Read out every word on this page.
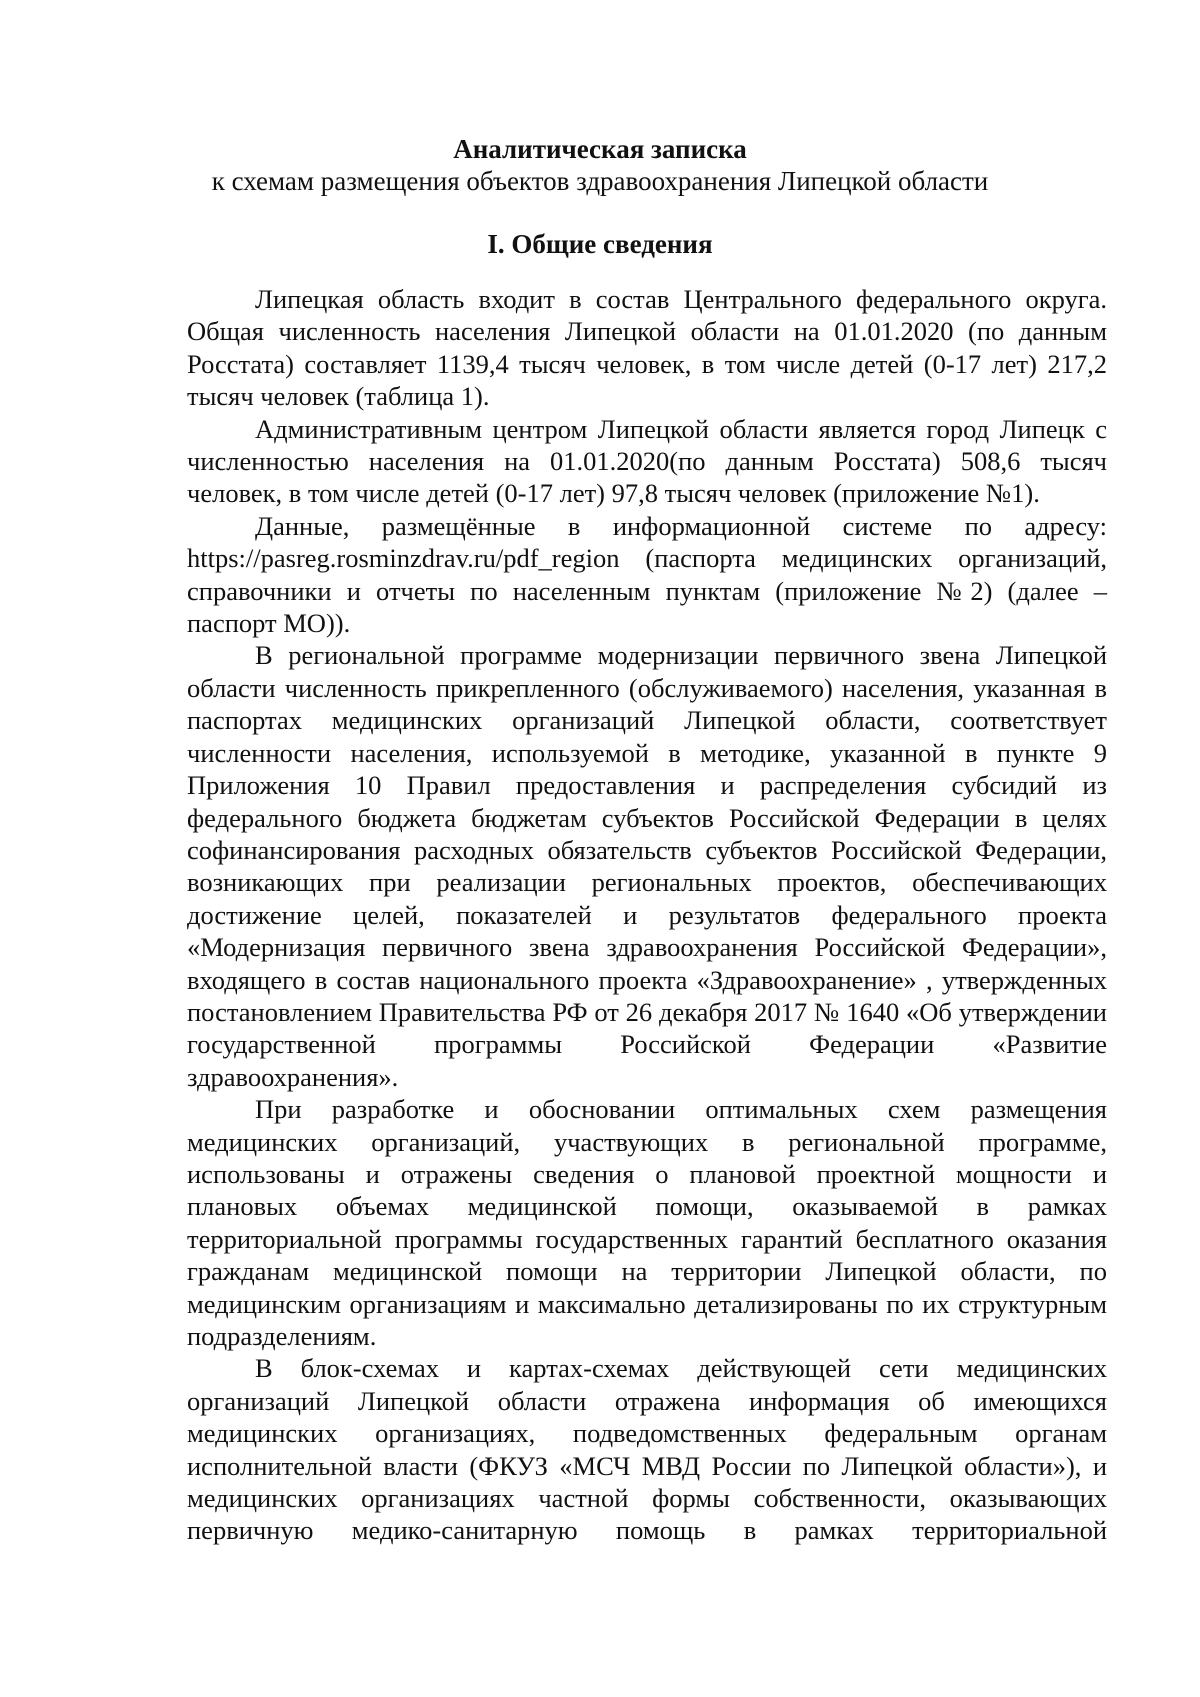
Аналитическая записка
к схемам размещения объектов здравоохранения Липецкой области
I. Общие сведения

Липецкая область входит в состав Центрального федерального округа. Общая численность населения Липецкой области на 01.01.2020 (по данным Росстата) составляет 1139,4 тысяч человек, в том числе детей (0-17 лет) 217,2 тысяч человек (таблица 1).

Административным центром Липецкой области является город Липецк с численностью населения на 01.01.2020(по данным Росстата) 508,6 тысяч человек, в том числе детей (0-17 лет) 97,8 тысяч человек (приложение №1).

Данные, размещённые в информационной системе по адресу: https://pasreg.rosminzdrav.ru/pdf_region (паспорта медицинских организаций, справочники и отчеты по населенным пунктам (приложение №2) (далее – паспорт МО)).

В региональной программе модернизации первичного звена Липецкой области численность прикрепленного (обслуживаемого) населения, указанная в паспортах медицинских организаций Липецкой области, соответствует численности населения, используемой в методике, указанной в пункте 9 Приложения 10 Правил предоставления и распределения субсидий из федерального бюджета бюджетам субъектов Российской Федерации в целях софинансирования расходных обязательств субъектов Российской Федерации, возникающих при реализации региональных проектов, обеспечивающих достижение целей, показателей и результатов федерального проекта «Модернизация первичного звена здравоохранения Российской Федерации», входящего в состав национального проекта «Здравоохранение» , утвержденных постановлением Правительства РФ от 26 декабря 2017 № 1640 «Об утверждении государственной программы Российской Федерации «Развитие здравоохранения».

При разработке и обосновании оптимальных схем размещения медицинских организаций, участвующих в региональной программе, использованы и отражены сведения о плановой проектной мощности и плановых объемах медицинской помощи, оказываемой в рамках территориальной программы государственных гарантий бесплатного оказания гражданам медицинской помощи на территории Липецкой области, по медицинским организациям и максимально детализированы по их структурным подразделениям.

В блок-схемах и картах-схемах действующей сети медицинских организаций Липецкой области отражена информация об имеющихся медицинских организациях, подведомственных федеральным органам исполнительной власти (ФКУЗ «МСЧ МВД России по Липецкой области»), и медицинских организациях частной формы собственности, оказывающих первичную медико-санитарную помощь в рамках территориальной
